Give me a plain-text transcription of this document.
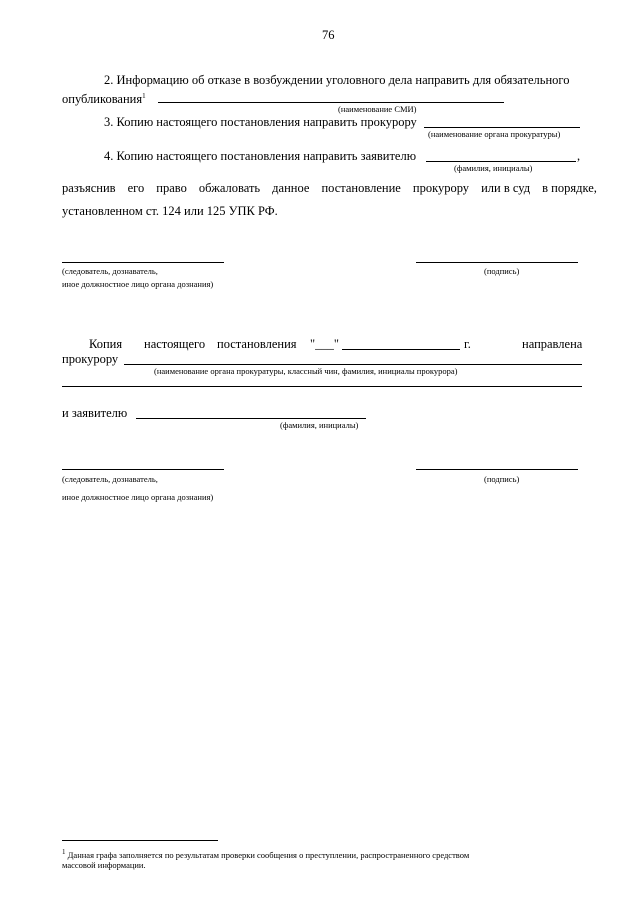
76
2. Информацию об отказе в возбуждении уголовного дела направить для обязательного
опубликования$^1$
(наименование СМИ)
3. Копию настоящего постановления направить прокурору
(наименование органа прокуратуры)
4. Копию настоящего постановления направить заявителю	,
(фамилия, инициалы)
разъяснив его право обжаловать данное постановление прокурору или в суд в порядке,
установленном ст. 124 или 125 УПК РФ.
(следователь, дознаватель,
иное должностное лицо органа дознания)
(подпись)
Копия настоящего постановления "___"	г.	направлена
прокурору
(наименование органа прокуратуры, классный чин, фамилия, инициалы прокурора)
и заявителю
(фамилия, инициалы)
(следователь, дознаватель,
иное должностное лицо органа дознания)
(подпись)
$^1$ Данная графа заполняется по результатам проверки сообщения о преступлении, распространенного средством
массовой информации.
